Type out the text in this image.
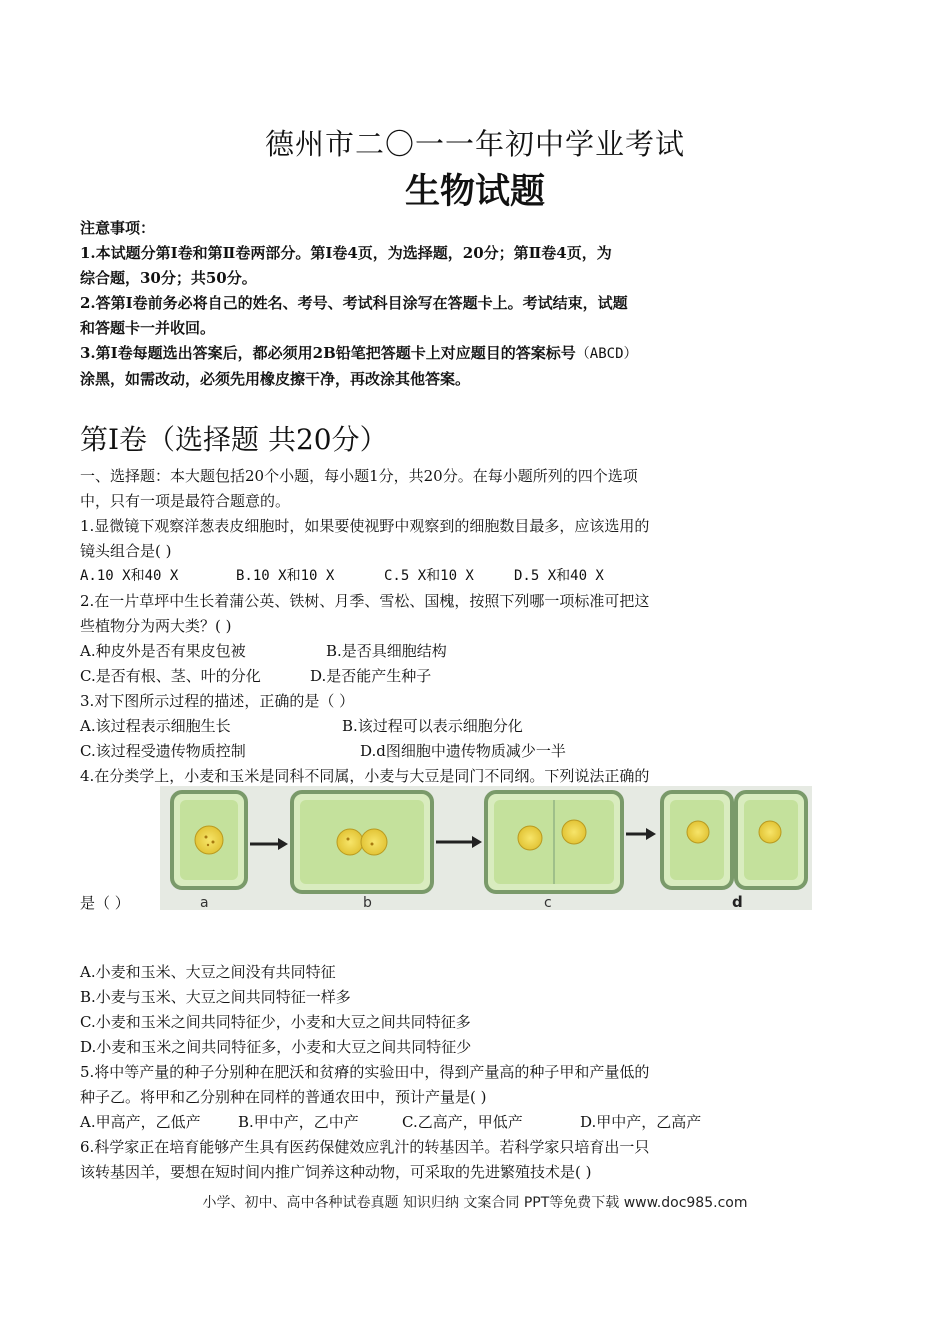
德州市二〇一一年初中学业考试
生物试题
注意事项：
1.本试题分第Ⅰ卷和第Ⅱ卷两部分。第Ⅰ卷4页，为选择题，20分；第Ⅱ卷4页，为
综合题，30分；共50分。
2.答第Ⅰ卷前务必将自己的姓名、考号、考试科目涂写在答题卡上。考试结束，试题
和答题卡一并收回。
3.第Ⅰ卷每题选出答案后，都必须用2B铅笔把答题卡上对应题目的答案标号（ABCD）
涂黑，如需改动，必须先用橡皮擦干净，再改涂其他答案。
第Ⅰ卷（选择题 共20分）
一、选择题：本大题包括20个小题，每小题1分，共20分。在每小题所列的四个选项
中，只有一项是最符合题意的。
1.显微镜下观察洋葱表皮细胞时，如果要使视野中观察到的细胞数目最多，应该选用的
镜头组合是( )
A.10 X和40 X	B.10 X和10 X	C.5 X和10 X	D.5 X和40 X
2.在一片草坪中生长着蒲公英、铁树、月季、雪松、国槐，按照下列哪一项标准可把这
些植物分为两大类？( )
A.种皮外是否有果皮包被	B.是否具细胞结构
C.是否有根、茎、叶的分化	D.是否能产生种子
3.对下图所示过程的描述，正确的是（ ）
A.该过程表示细胞生长	B.该过程可以表示细胞分化
C.该过程受遗传物质控制	D.d图细胞中遗传物质减少一半
4.在分类学上，小麦和玉米是同科不同属，小麦与大豆是同门不同纲。下列说法正确的
a	b	c	d
是（ ）
A.小麦和玉米、大豆之间没有共同特征
B.小麦与玉米、大豆之间共同特征一样多
C.小麦和玉米之间共同特征少，小麦和大豆之间共同特征多
D.小麦和玉米之间共同特征多，小麦和大豆之间共同特征少
5.将中等产量的种子分别种在肥沃和贫瘠的实验田中，得到产量高的种子甲和产量低的
种子乙。将甲和乙分别种在同样的普通农田中，预计产量是( )
A.甲高产，乙低产	B.甲中产，乙中产	C.乙高产，甲低产	D.甲中产，乙高产
6.科学家正在培育能够产生具有医药保健效应乳汁的转基因羊。若科学家只培育出一只
该转基因羊，要想在短时间内推广饲养这种动物，可采取的先进繁殖技术是( )
小学、初中、高中各种试卷真题 知识归纳 文案合同 PPT等免费下载 www.doc985.com
